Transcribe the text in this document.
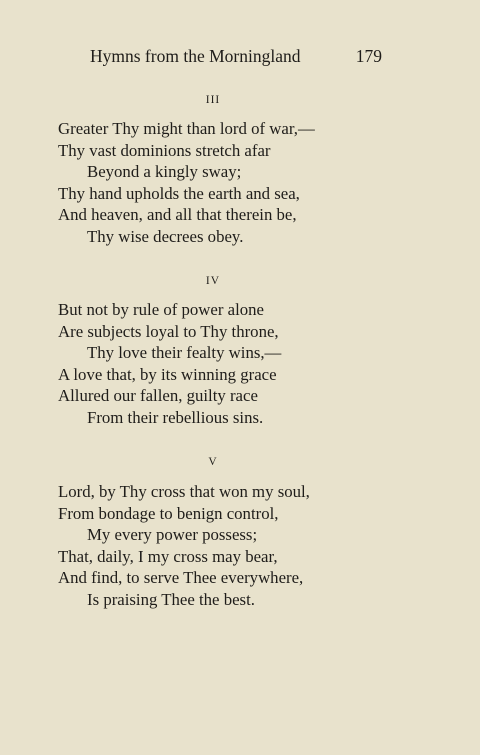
Hymns from the Morningland	179
III
Greater Thy might than lord of war,—
Thy vast dominions stretch afar
Beyond a kingly sway;
Thy hand upholds the earth and sea,
And heaven, and all that therein be,
Thy wise decrees obey.
IV
But not by rule of power alone
Are subjects loyal to Thy throne,
Thy love their fealty wins,—
A love that, by its winning grace
Allured our fallen, guilty race
From their rebellious sins.
V
Lord, by Thy cross that won my soul,
From bondage to benign control,
My every power possess;
That, daily, I my cross may bear,
And find, to serve Thee everywhere,
Is praising Thee the best.
